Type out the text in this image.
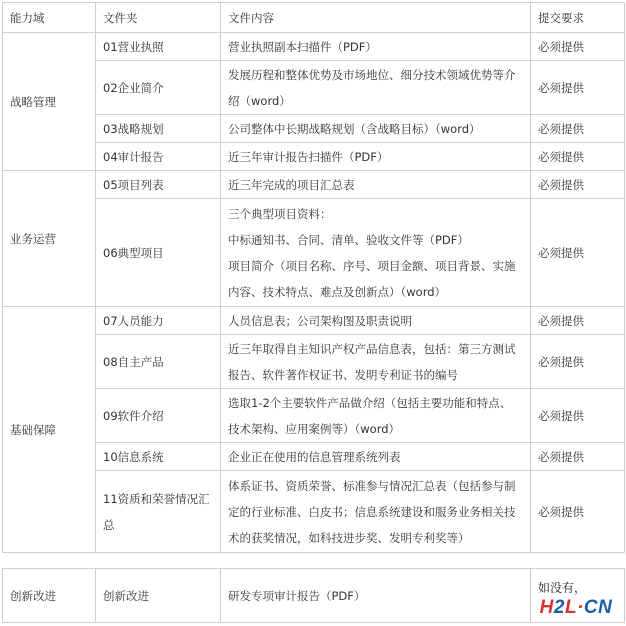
能力域	文件夹	文件内容	提交要求
战略管理	01营业执照	营业执照副本扫描件（PDF）	必须提供

	02企业简介	发展历程和整体优势及市场地位、细分技术领域优势等介
绍（word）	必须提供

	03战略规划	公司整体中长期战略规划（含战略目标）（word）	必须提供

	04审计报告	近三年审计报告扫描件（PDF）	必须提供
业务运营	05项目列表	近三年完成的项目汇总表	必须提供

	06典型项目	三个典型项目资料：
中标通知书、合同、清单、验收文件等（PDF）
项目简介（项目名称、序号、项目金额、项目背景、实施
内容、技术特点、难点及创新点）（word）	必须提供
基础保障	07人员能力	人员信息表；公司架构图及职责说明	必须提供

	08自主产品	近三年取得自主知识产权产品信息表，包括：第三方测试
报告、软件著作权证书、发明专利证书的编号	必须提供

	09软件介绍	选取1-2个主要软件产品做介绍（包括主要功能和特点、
技术架构、应用案例等）（word）	必须提供

	10信息系统	企业正在使用的信息管理系统列表	必须提供

	11资质和荣誉情况汇
总	体系证书、资质荣誉、标准参与情况汇总表（包括参与制
定的行业标准、白皮书；信息系统建设和服务业务相关技
术的获奖情况，如科技进步奖、发明专利奖等）	必须提供
创新改进	创新改进	研发专项审计报告（PDF）	如没有，
H2L·CN
